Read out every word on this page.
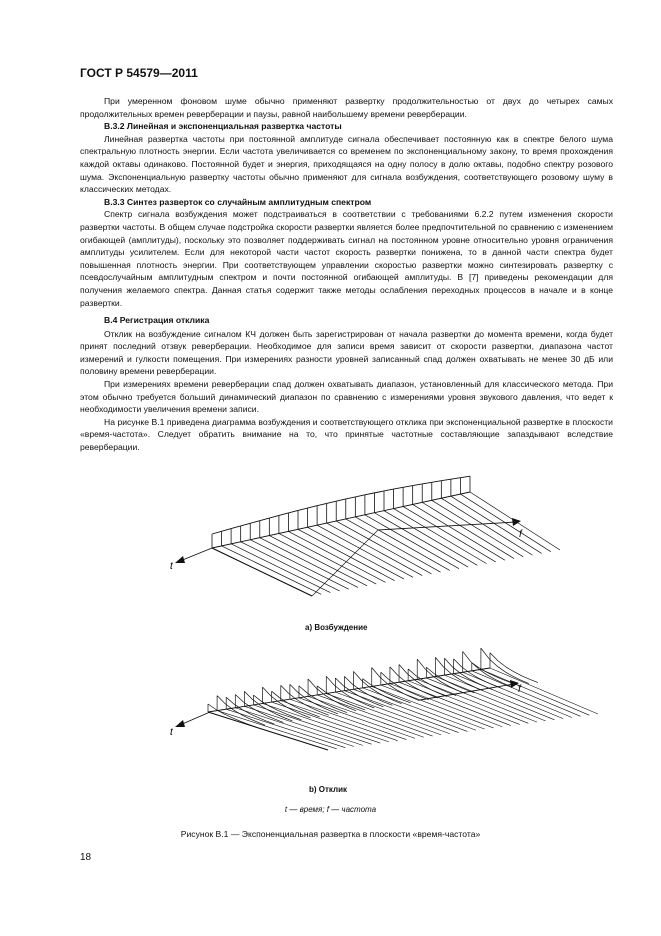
ГОСТ Р 54579—2011

При умеренном фоновом шуме обычно применяют развертку продолжительностью от двух до четырех самых продолжительных времен реверберации и паузы, равной наибольшему времени реверберации.

В.3.2 Линейная и экспоненциальная развертка частоты

Линейная развертка частоты при постоянной амплитуде сигнала обеспечивает постоянную как в спектре белого шума спектральную плотность энергии. Если частота увеличивается со временем по экспоненциальному закону, то время прохождения каждой октавы одинаково. Постоянной будет и энергия, приходящаяся на одну полосу в долю октавы, подобно спектру розового шума. Экспоненциальную развертку частоты обычно применяют для сигнала возбуждения, соответствующего розовому шуму в классических методах.

В.3.3 Синтез разверток со случайным амплитудным спектром

Спектр сигнала возбуждения может подстраиваться в соответствии с требованиями 6.2.2 путем изменения скорости развертки частоты. В общем случае подстройка скорости развертки является более предпочтительной по сравнению с изменением огибающей (амплитуды), поскольку это позволяет поддерживать сигнал на постоянном уровне относительно уровня ограничения амплитуды усилителем. Если для некоторой части частот скорость развертки понижена, то в данной части спектра будет повышенная плотность энергии. При соответствующем управлении скоростью развертки можно синтезировать развертку с псевдослучайным амплитудным спектром и почти постоянной огибающей амплитуды. В [7] приведены рекомендации для получения желаемого спектра. Данная статья содержит также методы ослабления переходных процессов в начале и в конце развертки.

В.4 Регистрация отклика

Отклик на возбуждение сигналом КЧ должен быть зарегистрирован от начала развертки до момента времени, когда будет принят последний отзвук реверберации. Необходимое для записи время зависит от скорости развертки, диапазона частот измерений и гулкости помещения. При измерениях разности уровней записанный спад должен охватывать не менее 30 дБ или половину времени реверберации.

При измерениях времени реверберации спад должен охватывать диапазон, установленный для классического метода. При этом обычно требуется больший динамический диапазон по сравнению с измерениями уровня звукового давления, что ведет к необходимости увеличения времени записи.

На рисунке В.1 приведена диаграмма возбуждения и соответствующего отклика при экспоненциальной развертке в плоскости «время-частота». Следует обратить внимание на то, что принятые частотные составляющие запаздывают вследствие реверберации.

f
t
f
t
a) Возбуждение
b) Отклик
t — время; f — частота
Рисунок В.1 — Экспоненциальная развертка в плоскости «время-частота»
18
